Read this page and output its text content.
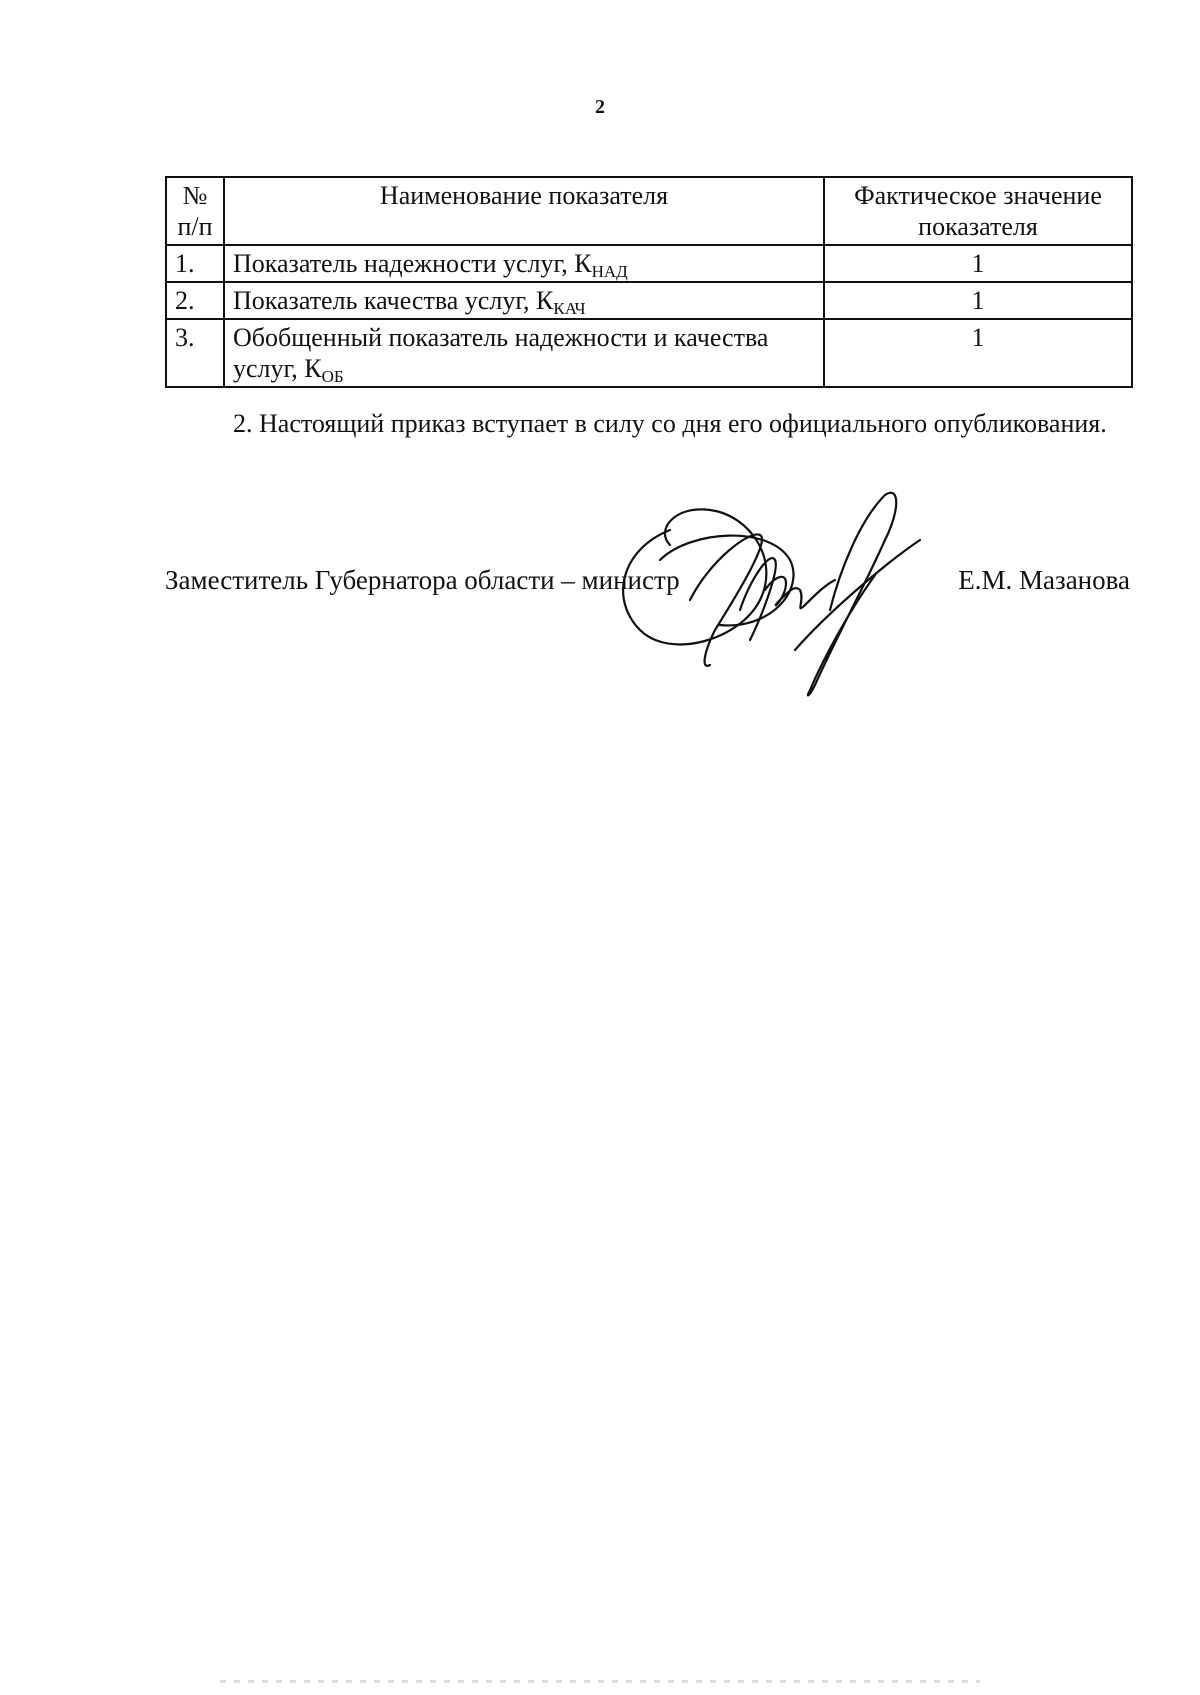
2
№ п/п	Наименование показателя	Фактическое значение показателя
1.	Показатель надежности услуг, $К_{НАД}$	1
2.	Показатель качества услуг, $К_{КАЧ}$	1
3.	Обобщенный показатель надежности и качества услуг, $К_{ОБ}$	1
2. Настоящий приказ вступает в силу со дня его официального опубликования.
Заместитель Губернатора области – министр	Е.М. Мазанова
